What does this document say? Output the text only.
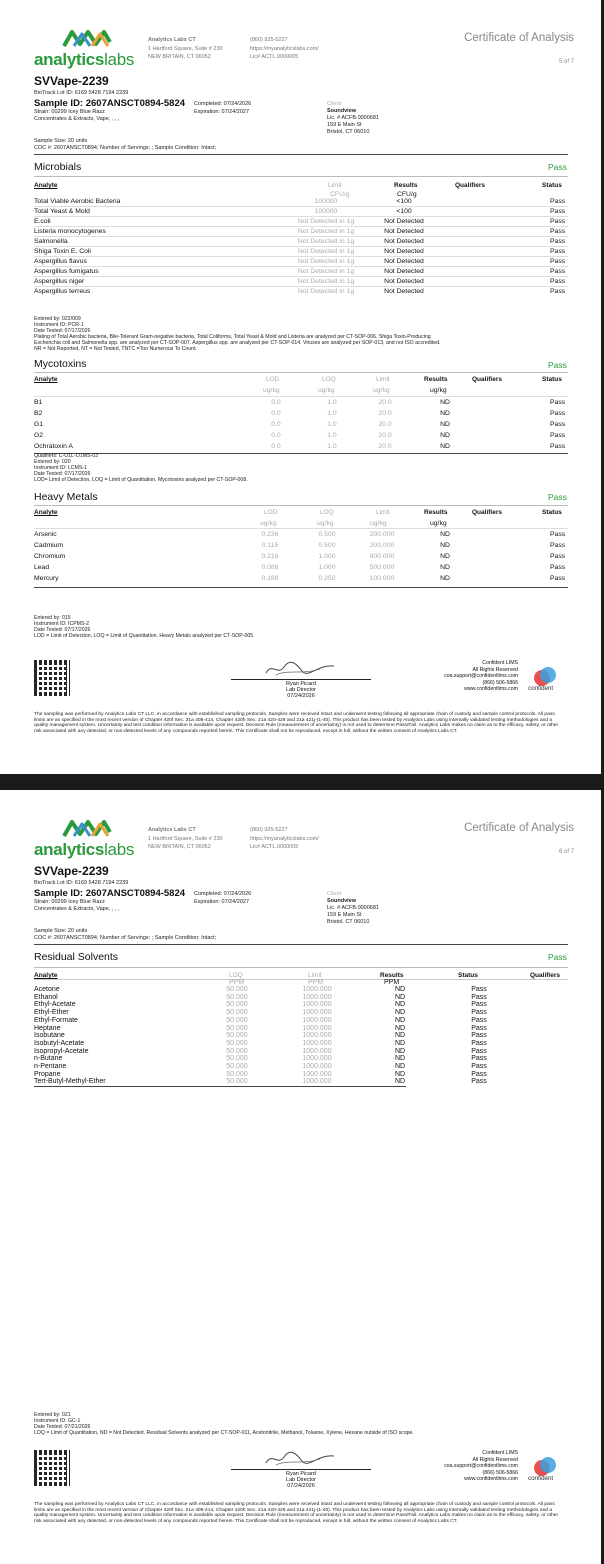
analyticslabs
Analytics Labs CT
1 Hartford Square, Suite # 230
NEW BRITAIN, CT 06052
(860) 925-5227
https://myanalyticslabs.com/
Lic# ACTL.0000005
Certificate of Analysis
5 of 7
SVVape-2239
BioTrack Lot ID: 6169 5428 7194 2239
Sample ID: 2607ANSCT0894-5824 Completed: 07/24/2026
Strain: 00299 Icey Blue Razz	Expiration: 07/24/2027
Concentrates & Extracts, Vape, , , ,
Client
Soundview
Lic. # ACFB.0000681
159 E Main St
Bristol, CT 06010
Sample Size: 20 units
COC #: 2607ANSCT0894; Number of Servings: ; Sample Condition: Intact;
Microbials	Pass
Analyte	Limit	Results	Qualifiers	Status
CFU/g	CFU/g
Total Viable Aerobic Bacteria	100000	<100	Pass
Total Yeast & Mold	100000	<100	Pass
E.coli	Not Detected in 1g	Not Detected	Pass
Listeria monocytogenes	Not Detected in 1g	Not Detected	Pass
Salmonella	Not Detected in 1g	Not Detected	Pass
Shiga Toxin E. Coli	Not Detected in 1g	Not Detected	Pass
Aspergillus flavus	Not Detected in 1g	Not Detected	Pass
Aspergillus fumigatus	Not Detected in 1g	Not Detected	Pass
Aspergillus niger	Not Detected in 1g	Not Detected	Pass
Aspergillus terreus	Not Detected in 1g	Not Detected	Pass
Entered by: 022/009
Instrument ID: PCR-1
Date Tested: 07/17/2026
Plating of Total Aerobic bacteria, Bile-Tolerant Gram-negative bacteria, Total Coliforms, Total Yeast & Mold and Listeria are analyzed per CT-SOP-006. Shiga Toxin-Producing
Escherichia coli and Salmonella spp. are analyzed per CT-SOP-007. Aspergillus spp. are analyzed per CT-SOP-014. Viruses are analyzed per SOP-013, and not ISO accredited.
NR = Not Reported, NT = Not Tested, TNTC =Too Numerous To Count.
Mycotoxins	Pass
Analyte	LOD	LOQ	Limit	Results	Qualifiers	Status
ug/kg	ug/kg	ug/kg	ug/kg
B1	0.0	1.0	20.0	ND	Pass
B2	0.0	1.0	20.0	ND	Pass
G1	0.0	1.0	20.0	ND	Pass
G2	0.0	1.0	20.0	ND	Pass
Ochratoxin A	0.0	1.0	20.0	ND	Pass
Qualifiers: C-O1L-O1MS-03
Entered by: 020
Instrument ID: LCMS-1
Date Tested: 07/17/2026
LOD= Limit of Detection, LOQ = Limit of Quantitation. Mycotoxins analyzed per CT-SOP-008.
Heavy Metals	Pass
Analyte	LOD	LOQ	Limit	Results	Qualifiers	Status
ug/kg	ug/kg	ug/kg	ug/kg
Arsenic	0.236	0.500	200.000	ND	Pass
Cadmium	0.115	0.500	200.000	ND	Pass
Chromium	0.216	1.000	600.000	ND	Pass
Lead	0.088	1.000	500.000	ND	Pass
Mercury	0.188	0.250	100.000	ND	Pass
Entered by: 015
Instrument ID: ICPMS-2
Date Tested: 07/17/2026
LOD = Limit of Detection, LOQ = Limit of Quantitation. Heavy Metals analyzed per CT-SOP-005
Ryan Picard
Lab Director
07/24/2026
Confident LIMS
All Rights Reserved
coa.support@confidentlims.com
(866) 506-5866
www.confidentlims.com confident
The sampling was performed by Analytics Labs CT LLC, in accordance with established sampling protocols. Samples were received intact and underwent testing following all appropriate chain of custody and sample control protocols. All pass limits are as specified in the most recent version of Chapter 420f Sec. 21a 408-414, Chapter 420h Sec. 21a 420-429 and 21a 421j-(1-40). This product has been tested by Analytics Labs using internally validated testing methodologies and a quality management system. Uncertainty and test condition information is available upon request. Decision Rule (measurement of uncertainty) is not used to determine Pass/Fail. Analytics Labs makes no claim as to the efficacy, safety, or other risk associated with any detected, or non-detected levels of any compounds reported herein. This Certificate shall not be reproduced, except in full, without the written consent of Analytics Labs CT.
analyticslabs
Analytics Labs CT
1 Hartford Square, Suite # 230
NEW BRITAIN, CT 06052
(860) 925-5227
https://myanalyticslabs.com/
Lic# ACTL.0000005
Certificate of Analysis
6 of 7
SVVape-2239
BioTrack Lot ID: 6169 5428 7194 2239
Sample ID: 2607ANSCT0894-5824 Completed: 07/24/2026
Strain: 00299 Icey Blue Razz	Expiration: 07/24/2027
Concentrates & Extracts, Vape, , , ,
Client
Soundview
Lic. # ACFB.0000681
159 E Main St
Bristol, CT 06010
Sample Size: 20 units
COC #: 2607ANSCT0894; Number of Servings: ; Sample Condition: Intact;
Residual Solvents	Pass
Analyte	LOQ	Limit	Results	Status	Qualifiers
PPM	PPM	PPM
Acetone	50.000	1000.000	ND	Pass
Ethanol	50.000	1000.000	ND	Pass
Ethyl-Acetate	50.000	1000.000	ND	Pass
Ethyl-Ether	50.000	1000.000	ND	Pass
Ethyl-Formate	50.000	1000.000	ND	Pass
Heptane	50.000	1000.000	ND	Pass
Isobutane	50.000	1000.000	ND	Pass
Isobutyl-Acetate	50.000	1000.000	ND	Pass
Isopropyl-Acetate	50.000	1000.000	ND	Pass
n-Butane	50.000	1000.000	ND	Pass
n-Pentane	50.000	1000.000	ND	Pass
Propane	50.000	1000.000	ND	Pass
Tert-Butyl-Methyl-Ether	50.000	1000.000	ND	Pass
Entered by: 021
Instrument ID: GC-1
Date Tested: 07/21/2026
LOQ = Limit of Quantitation, ND = Not Detected. Residual Solvents analyzed per CT-SOP-011, Acetonitrile, Methanol, Toluene, Xylene, Hexane outside of ISO scope.
Ryan Picard
Lab Director
07/24/2026
Confident LIMS
All Rights Reserved
coa.support@confidentlims.com
(866) 506-5866
www.confidentlims.com confident
The sampling was performed by Analytics Labs CT LLC, in accordance with established sampling protocols. Samples were received intact and underwent testing following all appropriate chain of custody and sample control protocols. All pass limits are as specified in the most recent version of Chapter 420f Sec. 21a 408-414, Chapter 420h Sec. 21a 420-429 and 21a 421j-(1-40). This product has been tested by Analytics Labs using internally validated testing methodologies and a quality management system. Uncertainty and test condition information is available upon request. Decision Rule (measurement of uncertainty) is not used to determine Pass/Fail. Analytics Labs makes no claim as to the efficacy, safety, or other risk associated with any detected, or non-detected levels of any compounds reported herein. This Certificate shall not be reproduced, except in full, without the written consent of Analytics Labs CT.
